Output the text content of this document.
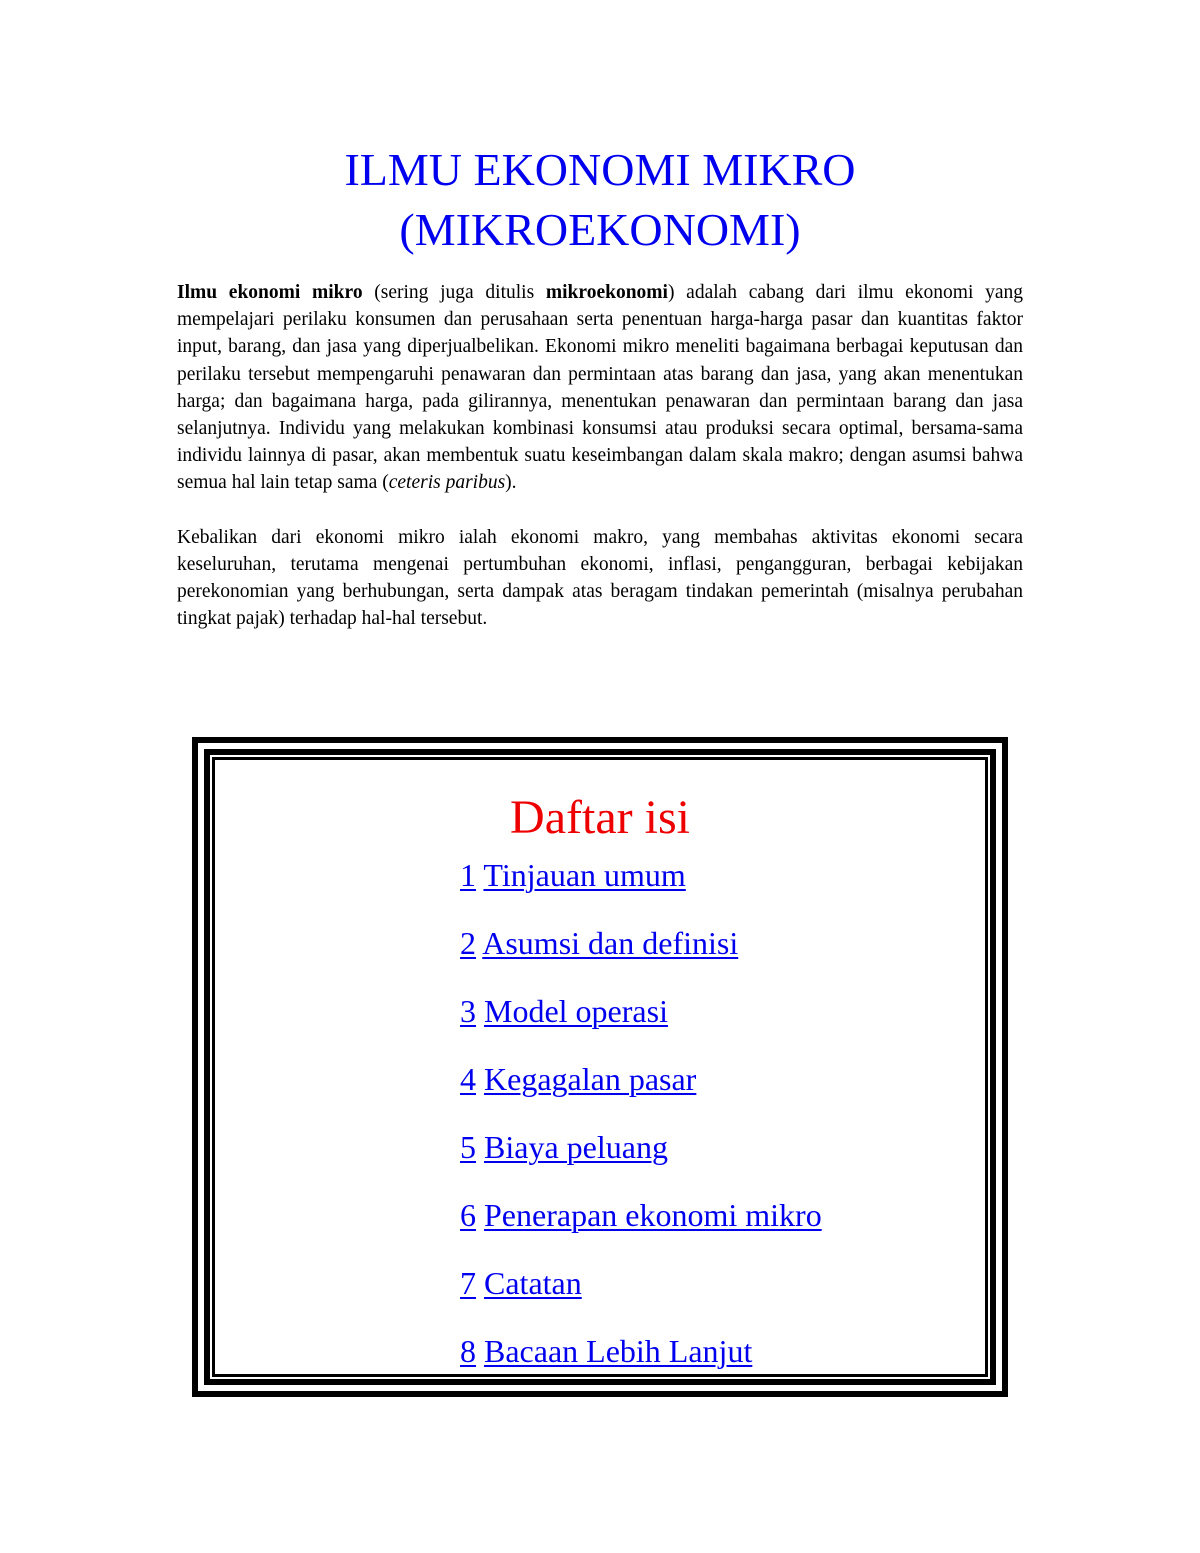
ILMU EKONOMI MIKRO
(MIKROEKONOMI)

Ilmu ekonomi mikro (sering juga ditulis mikroekonomi) adalah cabang dari ilmu ekonomi yang mempelajari perilaku konsumen dan perusahaan serta penentuan harga-harga pasar dan kuantitas faktor input, barang, dan jasa yang diperjualbelikan. Ekonomi mikro meneliti bagaimana berbagai keputusan dan perilaku tersebut mempengaruhi penawaran dan permintaan atas barang dan jasa, yang akan menentukan harga; dan bagaimana harga, pada gilirannya, menentukan penawaran dan permintaan barang dan jasa selanjutnya. Individu yang melakukan kombinasi konsumsi atau produksi secara optimal, bersama-sama individu lainnya di pasar, akan membentuk suatu keseimbangan dalam skala makro; dengan asumsi bahwa semua hal lain tetap sama (ceteris paribus).

Kebalikan dari ekonomi mikro ialah ekonomi makro, yang membahas aktivitas ekonomi secara keseluruhan, terutama mengenai pertumbuhan ekonomi, inflasi, pengangguran, berbagai kebijakan perekonomian yang berhubungan, serta dampak atas beragam tindakan pemerintah (misalnya perubahan tingkat pajak) terhadap hal-hal tersebut.

Daftar isi
1 Tinjauan umum
2 Asumsi dan definisi
3 Model operasi
4 Kegagalan pasar
5 Biaya peluang
6 Penerapan ekonomi mikro
7 Catatan
8 Bacaan Lebih Lanjut
